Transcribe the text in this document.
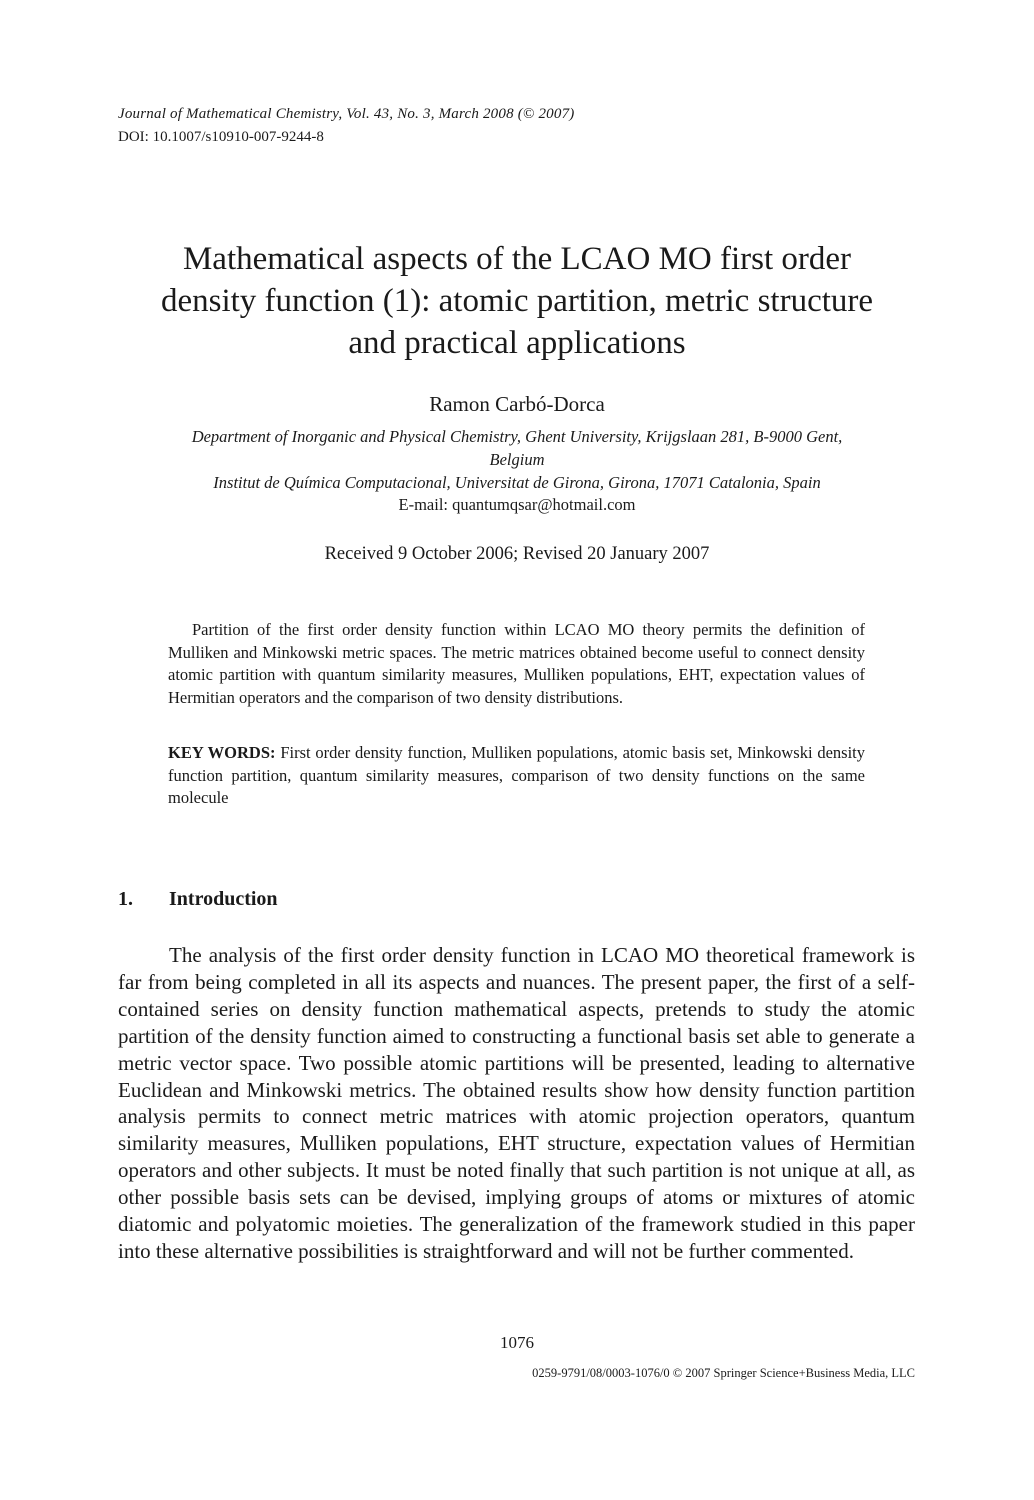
Journal of Mathematical Chemistry, Vol. 43, No. 3, March 2008 (© 2007)
DOI: 10.1007/s10910-007-9244-8
Mathematical aspects of the LCAO MO first order
density function (1): atomic partition, metric structure
and practical applications
Ramon Carbó-Dorca
Department of Inorganic and Physical Chemistry, Ghent University, Krijgslaan 281, B-9000 Gent,
Belgium
Institut de Química Computacional, Universitat de Girona, Girona, 17071 Catalonia, Spain
E-mail: quantumqsar@hotmail.com
Received 9 October 2006; Revised 20 January 2007

Partition of the first order density function within LCAO MO theory permits the definition of Mulliken and Minkowski metric spaces. The metric matrices obtained become useful to connect density atomic partition with quantum similarity measures, Mulliken populations, EHT, expectation values of Hermitian operators and the comparison of two density distributions.

KEY WORDS: First order density function, Mulliken populations, atomic basis set, Minkowski density function partition, quantum similarity measures, comparison of two density functions on the same molecule

1. Introduction

The analysis of the first order density function in LCAO MO theoretical framework is far from being completed in all its aspects and nuances. The present paper, the first of a self-contained series on density function mathematical aspects, pretends to study the atomic partition of the density function aimed to constructing a functional basis set able to generate a metric vector space. Two possible atomic partitions will be presented, leading to alternative Euclidean and Minkowski metrics. The obtained results show how density function partition analysis permits to connect metric matrices with atomic projection operators, quantum similarity measures, Mulliken populations, EHT structure, expectation values of Hermitian operators and other subjects. It must be noted finally that such partition is not unique at all, as other possible basis sets can be devised, implying groups of atoms or mixtures of atomic diatomic and polyatomic moieties. The generalization of the framework studied in this paper into these alternative possibilities is straightforward and will not be further commented.

1076
0259-9791/08/0003-1076/0 © 2007 Springer Science+Business Media, LLC
